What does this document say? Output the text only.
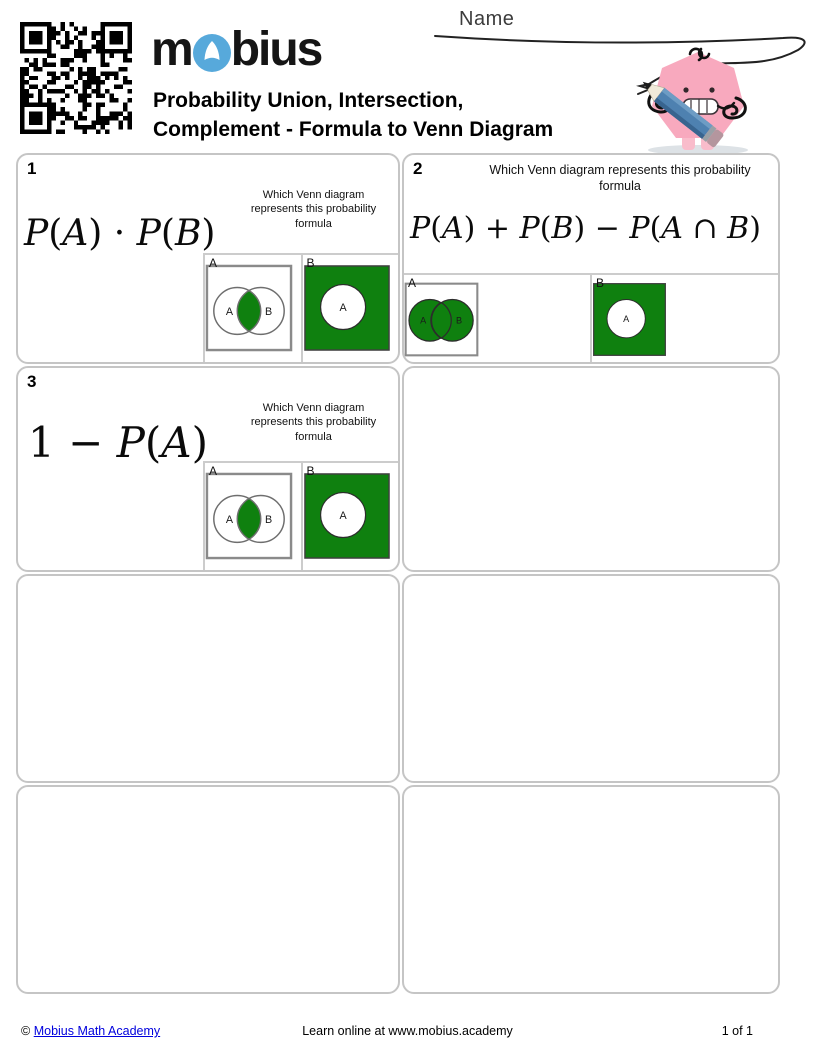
m bius
Probability Union, Intersection,
Complement - Formula to Venn Diagram
Name
1
Which Venn diagram represents this probability formula
P(A) · P(B)
A
A	B
B
A
2	Which Venn diagram represents this probability formula
P(A) + P(B) − P(A ∩ B)
A
A	B
B
A
3
Which Venn diagram represents this probability formula
1 − P(A)
A
A	B
B
A
© Mobius Math Academy	Learn online at www.mobius.academy	1 of 1
